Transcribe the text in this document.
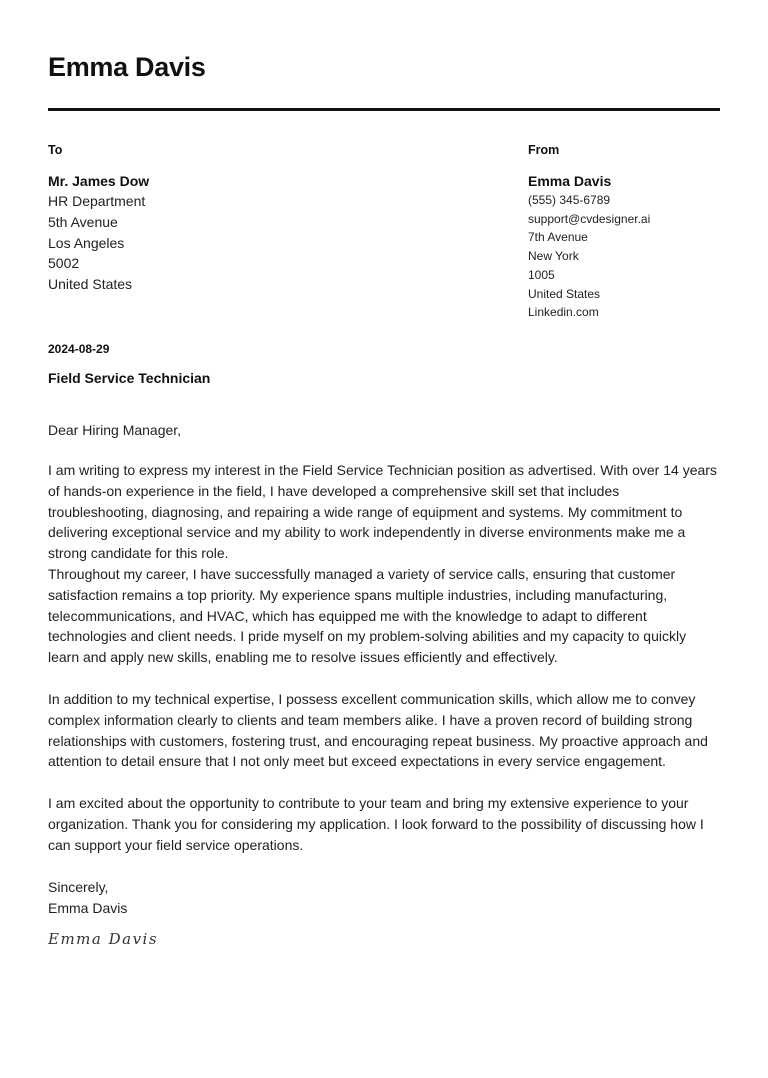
Emma Davis
To
Mr. James Dow
HR Department
5th Avenue
Los Angeles
5002
United States
From
Emma Davis
(555) 345-6789
support@cvdesigner.ai
7th Avenue
New York
1005
United States
Linkedin.com
2024-08-29
Field Service Technician
Dear Hiring Manager,

I am writing to express my interest in the Field Service Technician position as advertised. With over 14 years of hands-on experience in the field, I have developed a comprehensive skill set that includes troubleshooting, diagnosing, and repairing a wide range of equipment and systems. My commitment to delivering exceptional service and my ability to work independently in diverse environments make me a strong candidate for this role.

Throughout my career, I have successfully managed a variety of service calls, ensuring that customer satisfaction remains a top priority. My experience spans multiple industries, including manufacturing, telecommunications, and HVAC, which has equipped me with the knowledge to adapt to different technologies and client needs. I pride myself on my problem-solving abilities and my capacity to quickly learn and apply new skills, enabling me to resolve issues efficiently and effectively.

In addition to my technical expertise, I possess excellent communication skills, which allow me to convey complex information clearly to clients and team members alike. I have a proven record of building strong relationships with customers, fostering trust, and encouraging repeat business. My proactive approach and attention to detail ensure that I not only meet but exceed expectations in every service engagement.

I am excited about the opportunity to contribute to your team and bring my extensive experience to your organization. Thank you for considering my application. I look forward to the possibility of discussing how I can support your field service operations.

Sincerely,
Emma Davis
Emma Davis
